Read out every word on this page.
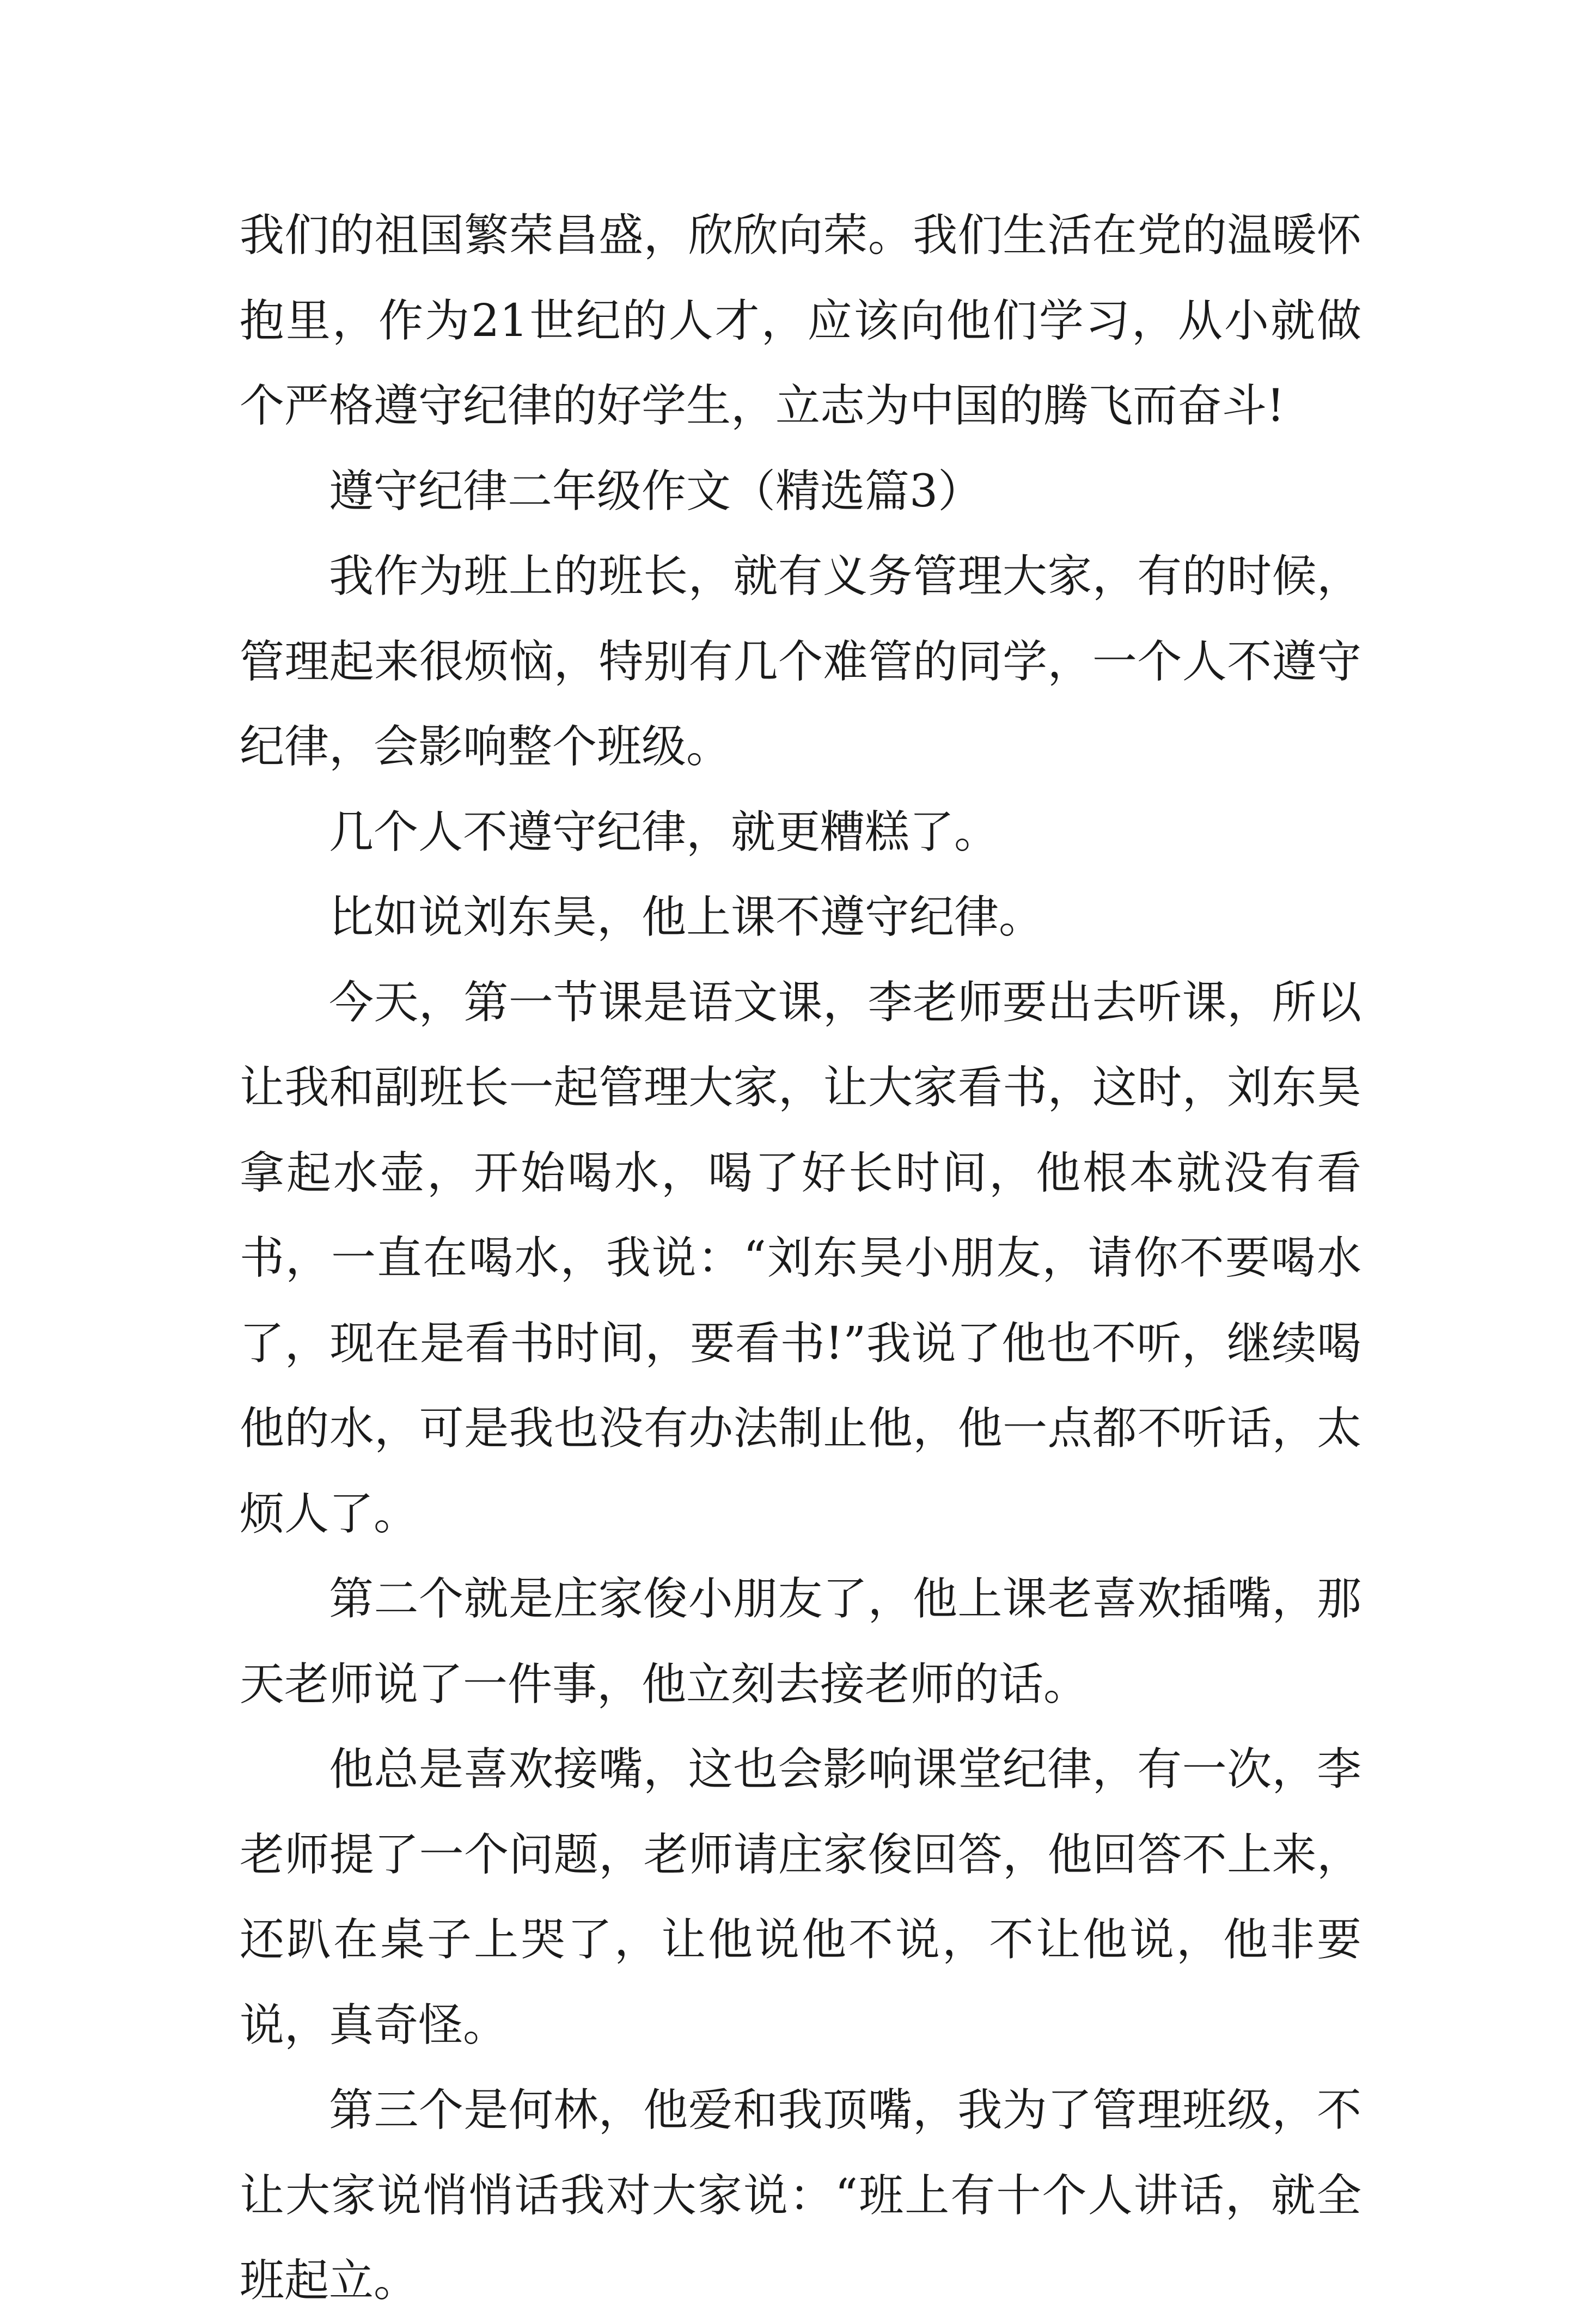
我们的祖国繁荣昌盛，欣欣向荣。我们生活在党的温暖怀抱里，作为21世纪的人才，应该向他们学习，从小就做个严格遵守纪律的好学生，立志为中国的腾飞而奋斗!

遵守纪律二年级作文（精选篇3）

我作为班上的班长，就有义务管理大家，有的时候，管理起来很烦恼，特别有几个难管的同学，一个人不遵守纪律，会影响整个班级。

几个人不遵守纪律，就更糟糕了。

比如说刘东昊，他上课不遵守纪律。

今天，第一节课是语文课，李老师要出去听课，所以让我和副班长一起管理大家，让大家看书，这时，刘东昊拿起水壶，开始喝水，喝了好长时间，他根本就没有看书，一直在喝水，我说：“刘东昊小朋友，请你不要喝水了，现在是看书时间，要看书!”我说了他也不听，继续喝他的水，可是我也没有办法制止他，他一点都不听话，太烦人了。

第二个就是庄家俊小朋友了，他上课老喜欢插嘴，那天老师说了一件事，他立刻去接老师的话。

他总是喜欢接嘴，这也会影响课堂纪律，有一次，李老师提了一个问题，老师请庄家俊回答，他回答不上来，还趴在桌子上哭了，让他说他不说，不让他说，他非要说，真奇怪。

第三个是何林，他爱和我顶嘴，我为了管理班级，不让大家说悄悄话我对大家说：“班上有十个人讲话，就全班起立。
